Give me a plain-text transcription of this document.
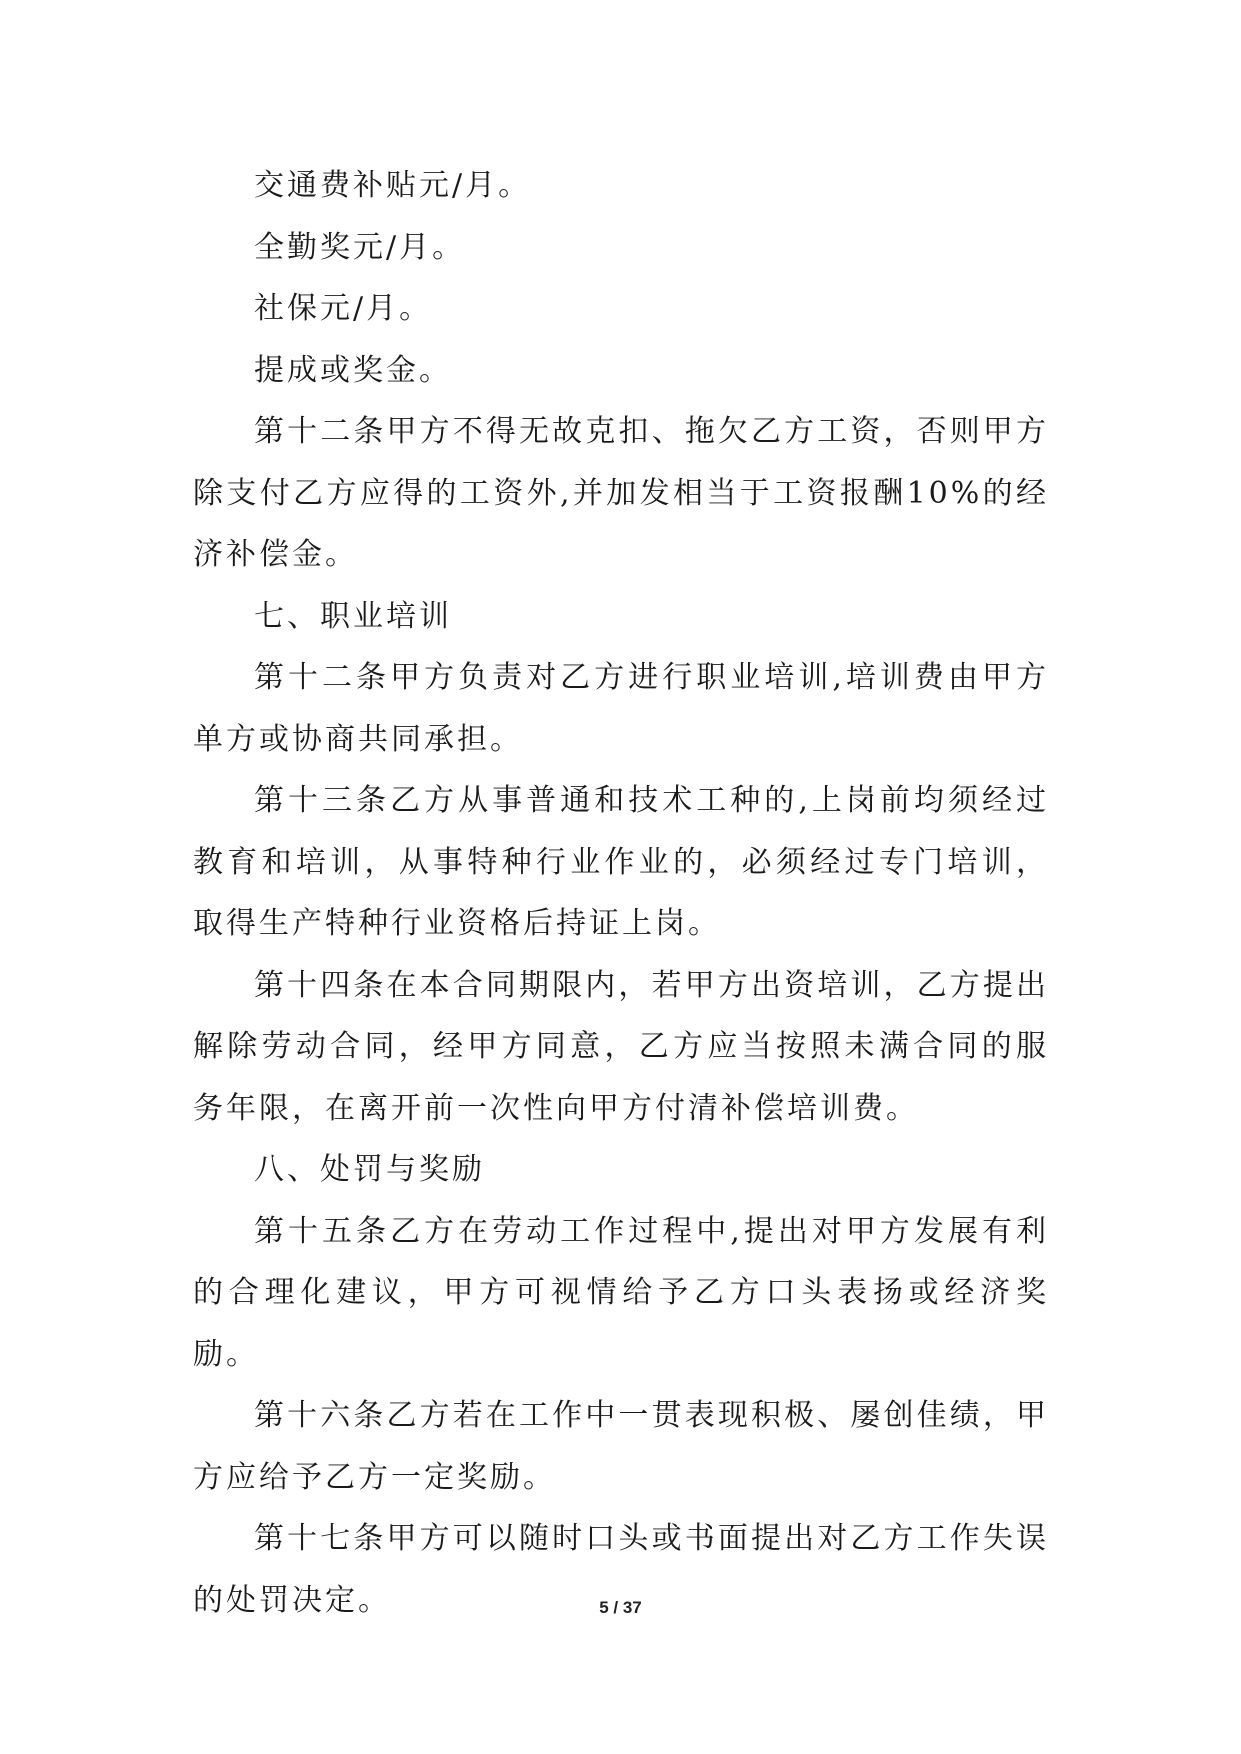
交通费补贴元/月。

全勤奖元/月。

社保元/月。

提成或奖金。

第十二条甲方不得无故克扣、拖欠乙方工资，否则甲方除支付乙方应得的工资外,并加发相当于工资报酬10%的经济补偿金。

七、职业培训

第十二条甲方负责对乙方进行职业培训,培训费由甲方单方或协商共同承担。

第十三条乙方从事普通和技术工种的,上岗前均须经过教育和培训，从事特种行业作业的，必须经过专门培训，取得生产特种行业资格后持证上岗。

第十四条在本合同期限内，若甲方出资培训，乙方提出解除劳动合同，经甲方同意，乙方应当按照未满合同的服务年限，在离开前一次性向甲方付清补偿培训费。

八、处罚与奖励

第十五条乙方在劳动工作过程中,提出对甲方发展有利的合理化建议，甲方可视情给予乙方口头表扬或经济奖励。

第十六条乙方若在工作中一贯表现积极、屡创佳绩，甲方应给予乙方一定奖励。

第十七条甲方可以随时口头或书面提出对乙方工作失误的处罚决定。	5 / 37
